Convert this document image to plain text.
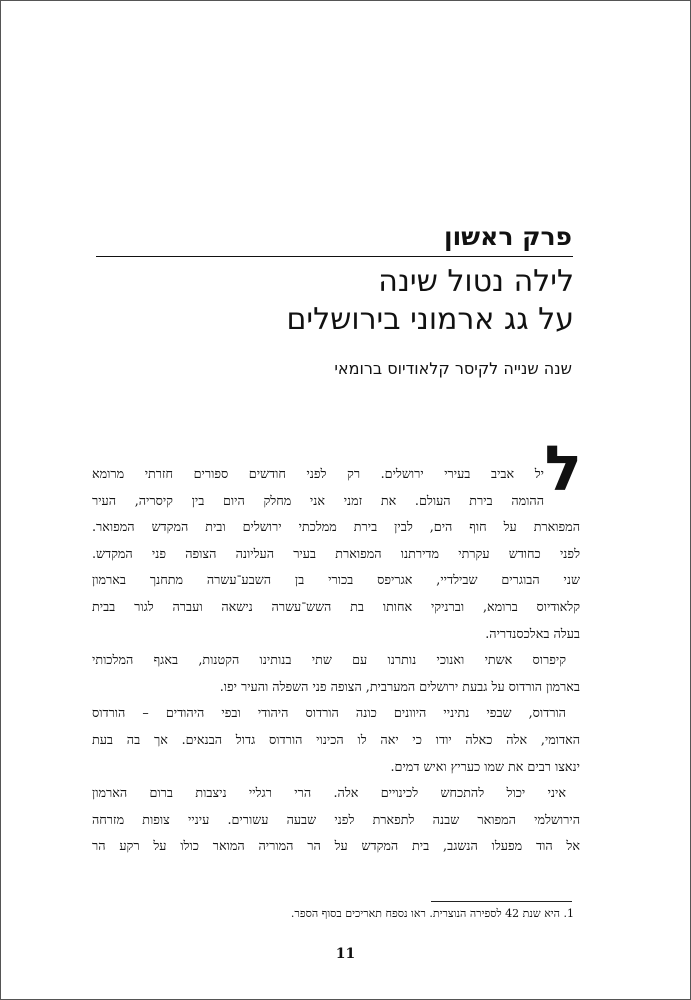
פרק ראשון
לילה נטול שינה
על גג ארמוני בירושלים
שנה שנייה לקיסר קלאודיוס ברומאי
ל
יל אביב בעירי ירושלים. רק לפני חודשים ספורים חזרתי מרומא
ההומה בירת העולם. את זמני אני מחלק היום בין קיסריה, העיר
המפוארת על חוף הים, לבין בירת ממלכתי ירושלים ובית המקדש המפואר.
לפני כחודש עקרתי מדירתנו המפוארת בעיר העליונה הצופה פני המקדש.
שני הבוגרים שבילדיי, אגריפס בכורי בן השבע־עשרה מתחנך בארמון
קלאודיוס ברומא, וברניקי אחותו בת השש־עשרה נישאה ועברה לגור בבית
בעלה באלכסנדריה.
קיפרוס אשתי ואנוכי נותרנו עם שתי בנותינו הקטנות, באגף המלכותי
בארמון הורדוס על גבעת ירושלים המערבית, הצופה פני השפלה והעיר יפו.
הורדוס, שבפי נתיניי היוונים כונה הורדוס היהודי ובפי היהודים – הורדוס
האדומי, אלה כאלה יודו כי יאה לו הכינוי הורדוס גדול הבנאים. אך בה בעת
ינאצו רבים את שמו כעריץ ואיש דמים.
איני יכול להתכחש לכינויים אלה. הרי רגליי ניצבות ברום הארמון
הירושלמי המפואר שבנה לתפארת לפני שבעה עשורים. עיניי צופות מזרחה
אל הוד מפעלו הנשגב, בית המקדש על הר המוריה המואר כולו על רקע הר
1. היא שנת 42 לספירה הנוצרית. ראו נספח תאריכים בסוף הספר.
11
